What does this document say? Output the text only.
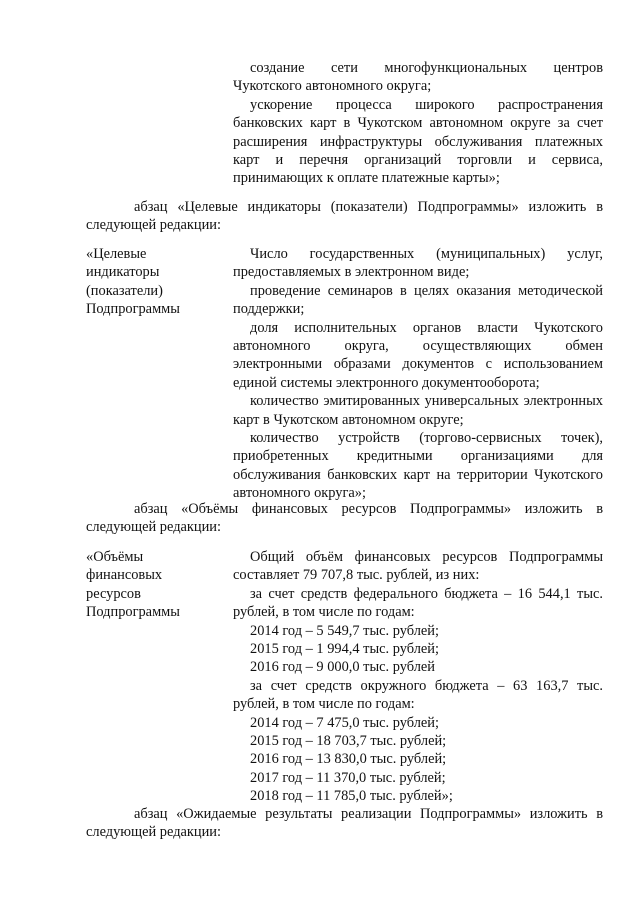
создание сети многофункциональных центров Чукотского автономного округа;

ускорение процесса широкого распространения банковских карт в Чукотском автономном округе за счет расширения инфраструктуры обслуживания платежных карт и перечня организаций торговли и сервиса, принимающих к оплате платежные карты»;

абзац «Целевые индикаторы (показатели) Подпрограммы» изложить в следующей редакции:

«Целевые индикаторы (показатели) Подпрограммы

Число государственных (муниципальных) услуг, предоставляемых в электронном виде;

проведение семинаров в целях оказания методической поддержки;

доля исполнительных органов власти Чукотского автономного округа, осуществляющих обмен электронными образами документов с использованием единой системы электронного документооборота;

количество эмитированных универсальных электронных карт в Чукотском автономном округе;

количество устройств (торгово-сервисных точек), приобретенных кредитными организациями для обслуживания банковских карт на территории Чукотского автономного округа»;

абзац «Объёмы финансовых ресурсов Подпрограммы» изложить в следующей редакции:

«Объёмы финансовых ресурсов Подпрограммы

Общий объём финансовых ресурсов Подпрограммы составляет 79 707,8 тыс. рублей, из них:

за счет средств федерального бюджета – 16 544,1 тыс. рублей, в том числе по годам:

2014 год – 5 549,7 тыс. рублей;

2015 год – 1 994,4 тыс. рублей;

2016 год – 9 000,0 тыс. рублей

за счет средств окружного бюджета – 63 163,7 тыс. рублей, в том числе по годам:

2014 год – 7 475,0 тыс. рублей;

2015 год – 18 703,7 тыс. рублей;

2016 год – 13 830,0 тыс. рублей;

2017 год – 11 370,0 тыс. рублей;

2018 год – 11 785,0 тыс. рублей»;

абзац «Ожидаемые результаты реализации Подпрограммы» изложить в следующей редакции:
